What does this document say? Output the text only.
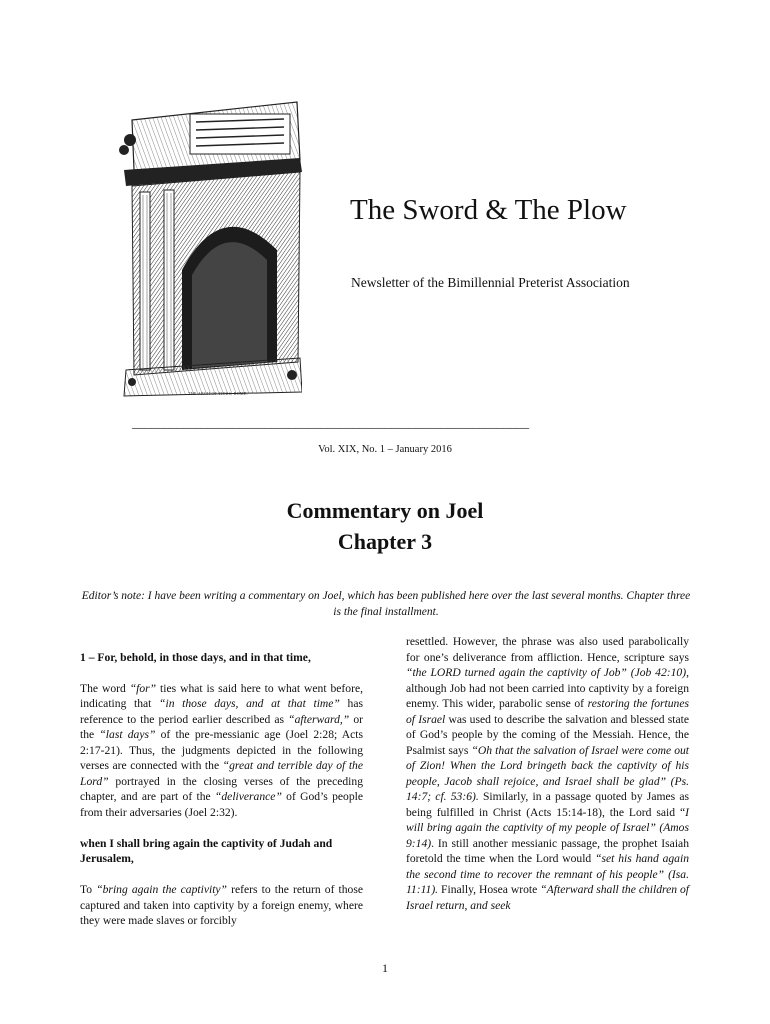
THE ARCH OF TITUS, ROME.
The Sword & The Plow
Newsletter of the Bimillennial Preterist Association
_______________________________________________________________
Vol. XIX, No. 1 – January 2016
Commentary on Joel
Chapter 3
Editor’s note: I have been writing a commentary on Joel, which has been published here over the last several months. Chapter three is the final installment.

1 – For, behold, in those days, and in that time,

The word “for” ties what is said here to what went before, indicating that “in those days, and at that time” has reference to the period earlier described as “afterward,” or the “last days” of the pre-messianic age (Joel 2:28; Acts 2:17-21). Thus, the judgments depicted in the following verses are connected with the “great and terrible day of the Lord” portrayed in the closing verses of the preceding chapter, and are part of the “deliverance” of God’s people from their adversaries (Joel 2:32).

when I shall bring again the captivity of Judah and Jerusalem,

To “bring again the captivity” refers to the return of those captured and taken into captivity by a foreign enemy, where they were made slaves or forcibly

resettled. However, the phrase was also used parabolically for one’s deliverance from affliction. Hence, scripture says “the LORD turned again the captivity of Job” (Job 42:10), although Job had not been carried into captivity by a foreign enemy. This wider, parabolic sense of restoring the fortunes of Israel was used to describe the salvation and blessed state of God’s people by the coming of the Messiah. Hence, the Psalmist says “Oh that the salvation of Israel were come out of Zion! When the Lord bringeth back the captivity of his people, Jacob shall rejoice, and Israel shall be glad” (Ps. 14:7; cf. 53:6). Similarly, in a passage quoted by James as being fulfilled in Christ (Acts 15:14-18), the Lord said “I will bring again the captivity of my people of Israel” (Amos 9:14). In still another messianic passage, the prophet Isaiah foretold the time when the Lord would “set his hand again the second time to recover the remnant of his people” (Isa. 11:11). Finally, Hosea wrote “Afterward shall the children of Israel return, and seek

1
